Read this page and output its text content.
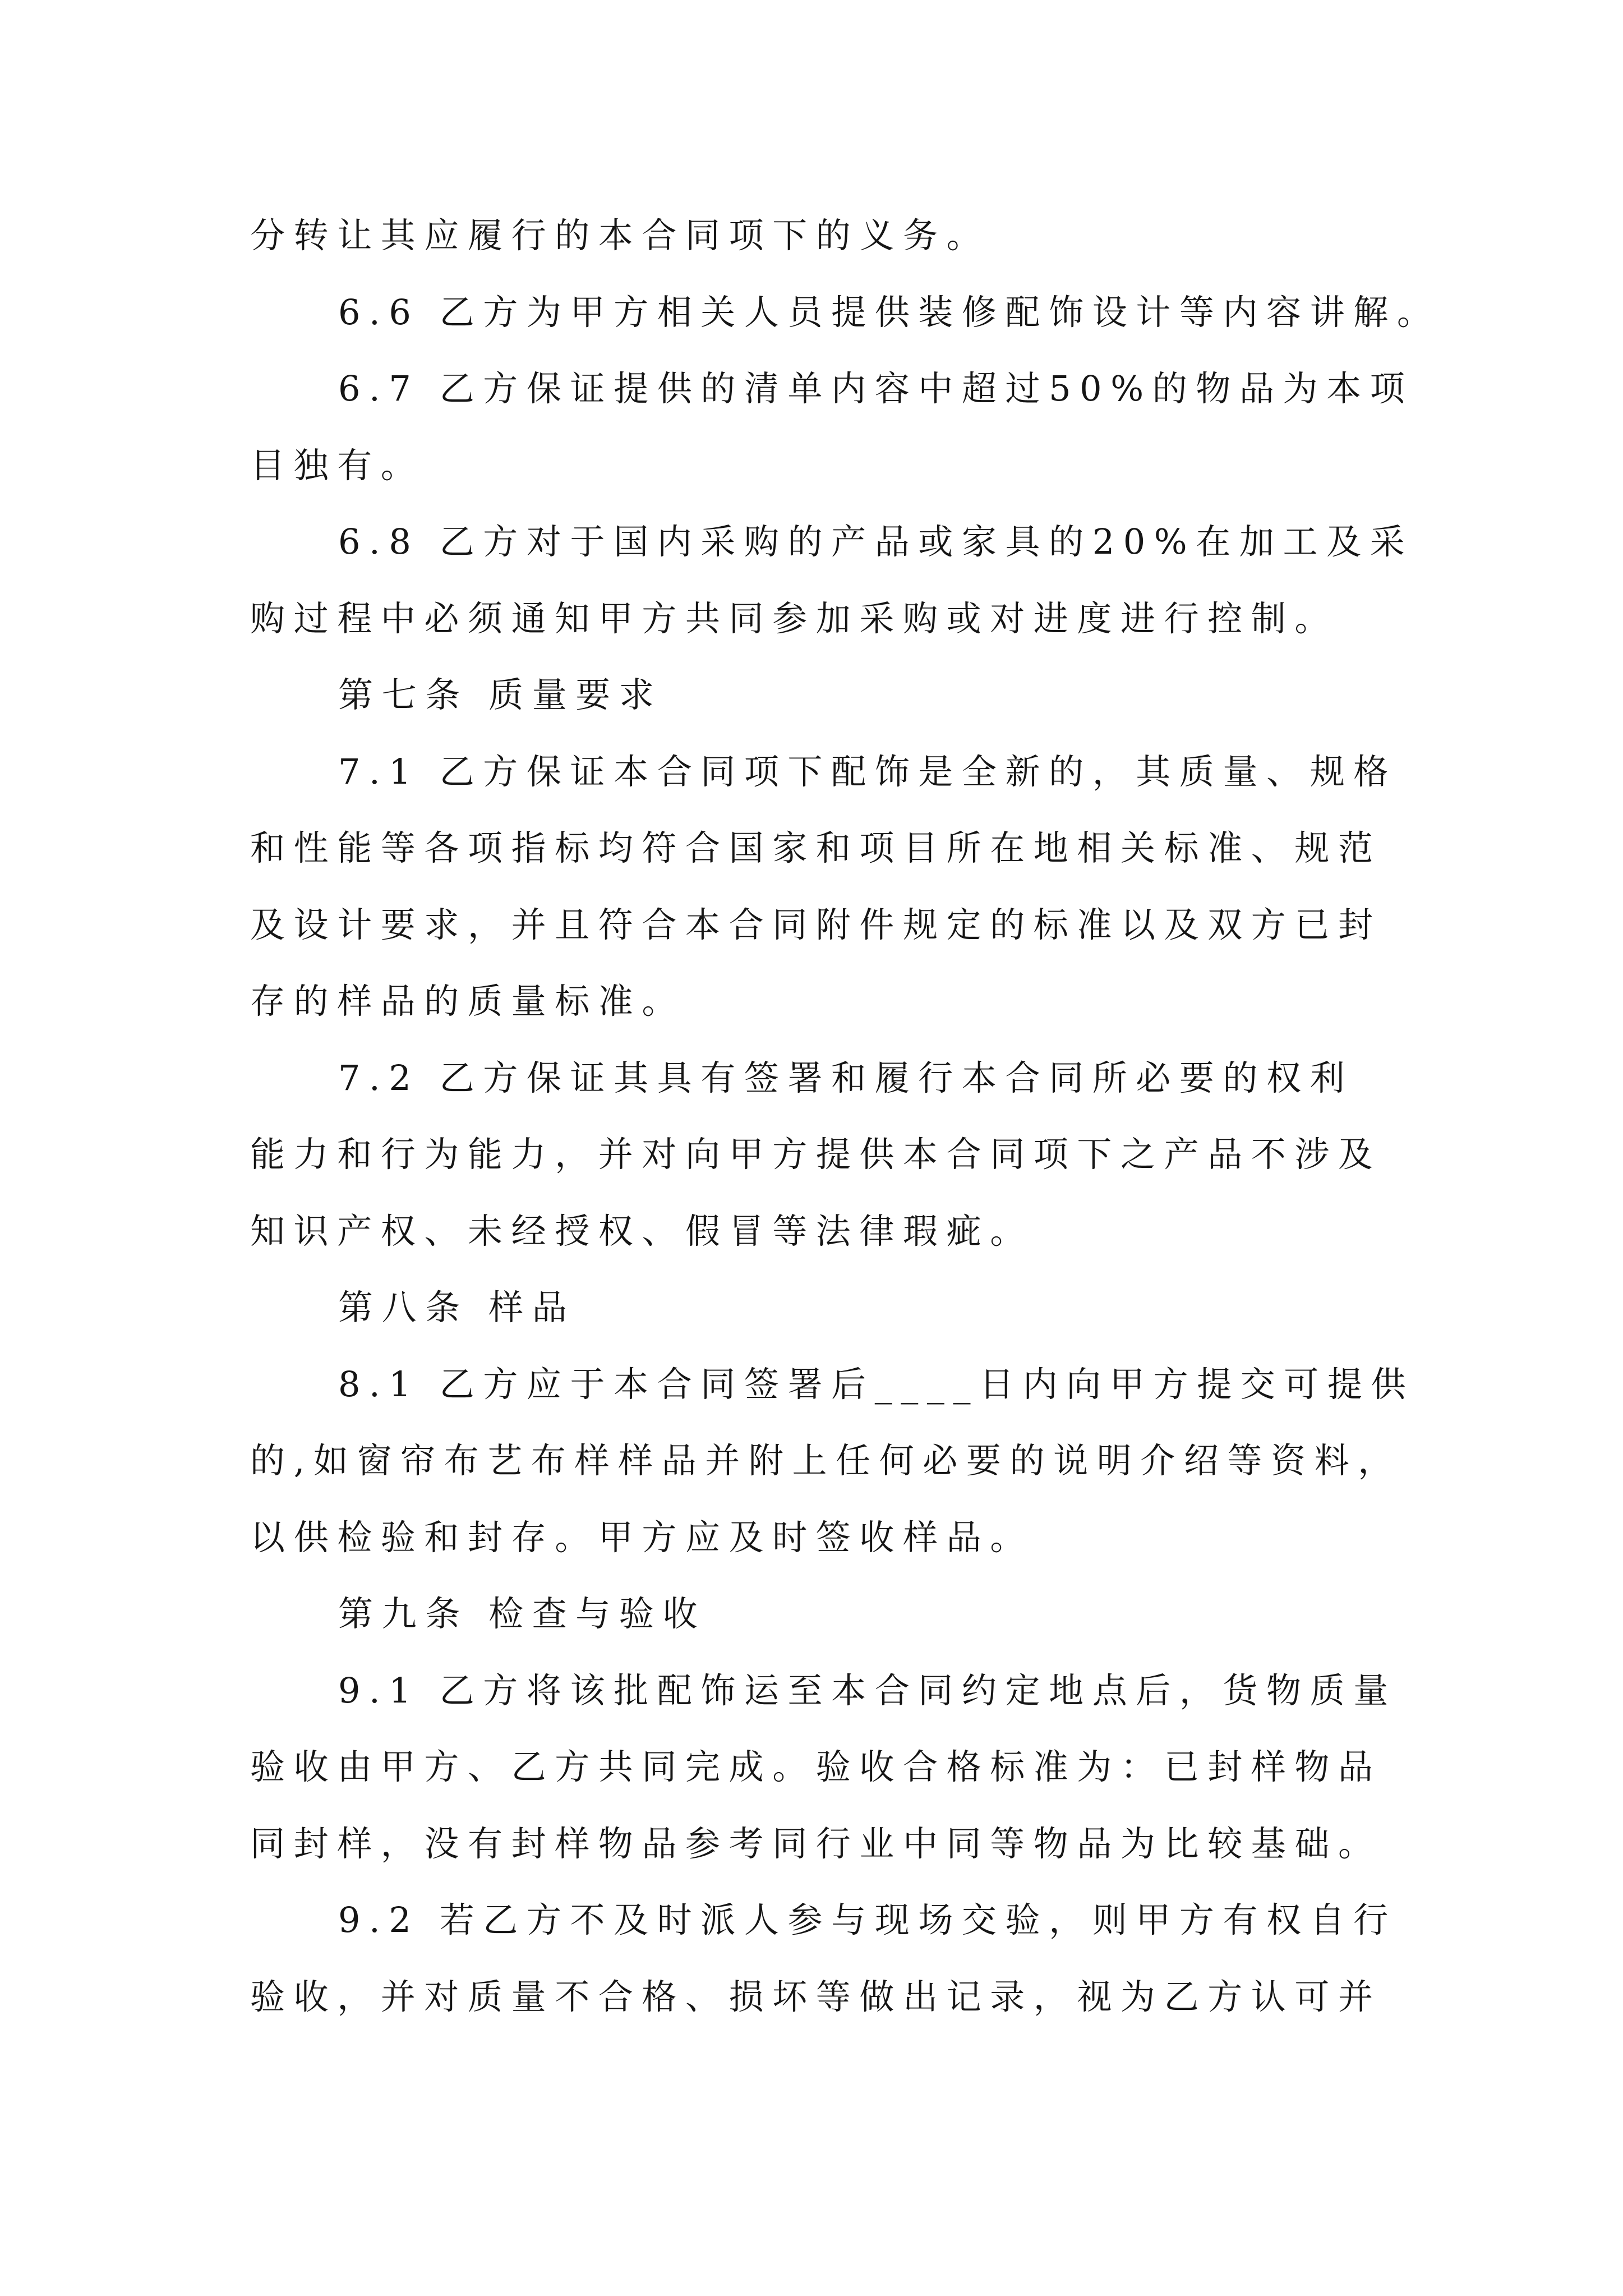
分转让其应履行的本合同项下的义务。
6.6 乙方为甲方相关人员提供装修配饰设计等内容讲解。
6.7 乙方保证提供的清单内容中超过50%的物品为本项
目独有。
6.8 乙方对于国内采购的产品或家具的20%在加工及采
购过程中必须通知甲方共同参加采购或对进度进行控制。
第七条 质量要求
7.1 乙方保证本合同项下配饰是全新的，其质量、规格
和性能等各项指标均符合国家和项目所在地相关标准、规范
及设计要求，并且符合本合同附件规定的标准以及双方已封
存的样品的质量标准。
7.2 乙方保证其具有签署和履行本合同所必要的权利
能力和行为能力，并对向甲方提供本合同项下之产品不涉及
知识产权、未经授权、假冒等法律瑕疵。
第八条 样品
8.1 乙方应于本合同签署后____日内向甲方提交可提供
的,如窗帘布艺布样样品并附上任何必要的说明介绍等资料，
以供检验和封存。甲方应及时签收样品。
第九条 检查与验收
9.1 乙方将该批配饰运至本合同约定地点后，货物质量
验收由甲方、乙方共同完成。验收合格标准为：已封样物品
同封样，没有封样物品参考同行业中同等物品为比较基础。
9.2 若乙方不及时派人参与现场交验，则甲方有权自行
验收，并对质量不合格、损坏等做出记录，视为乙方认可并
